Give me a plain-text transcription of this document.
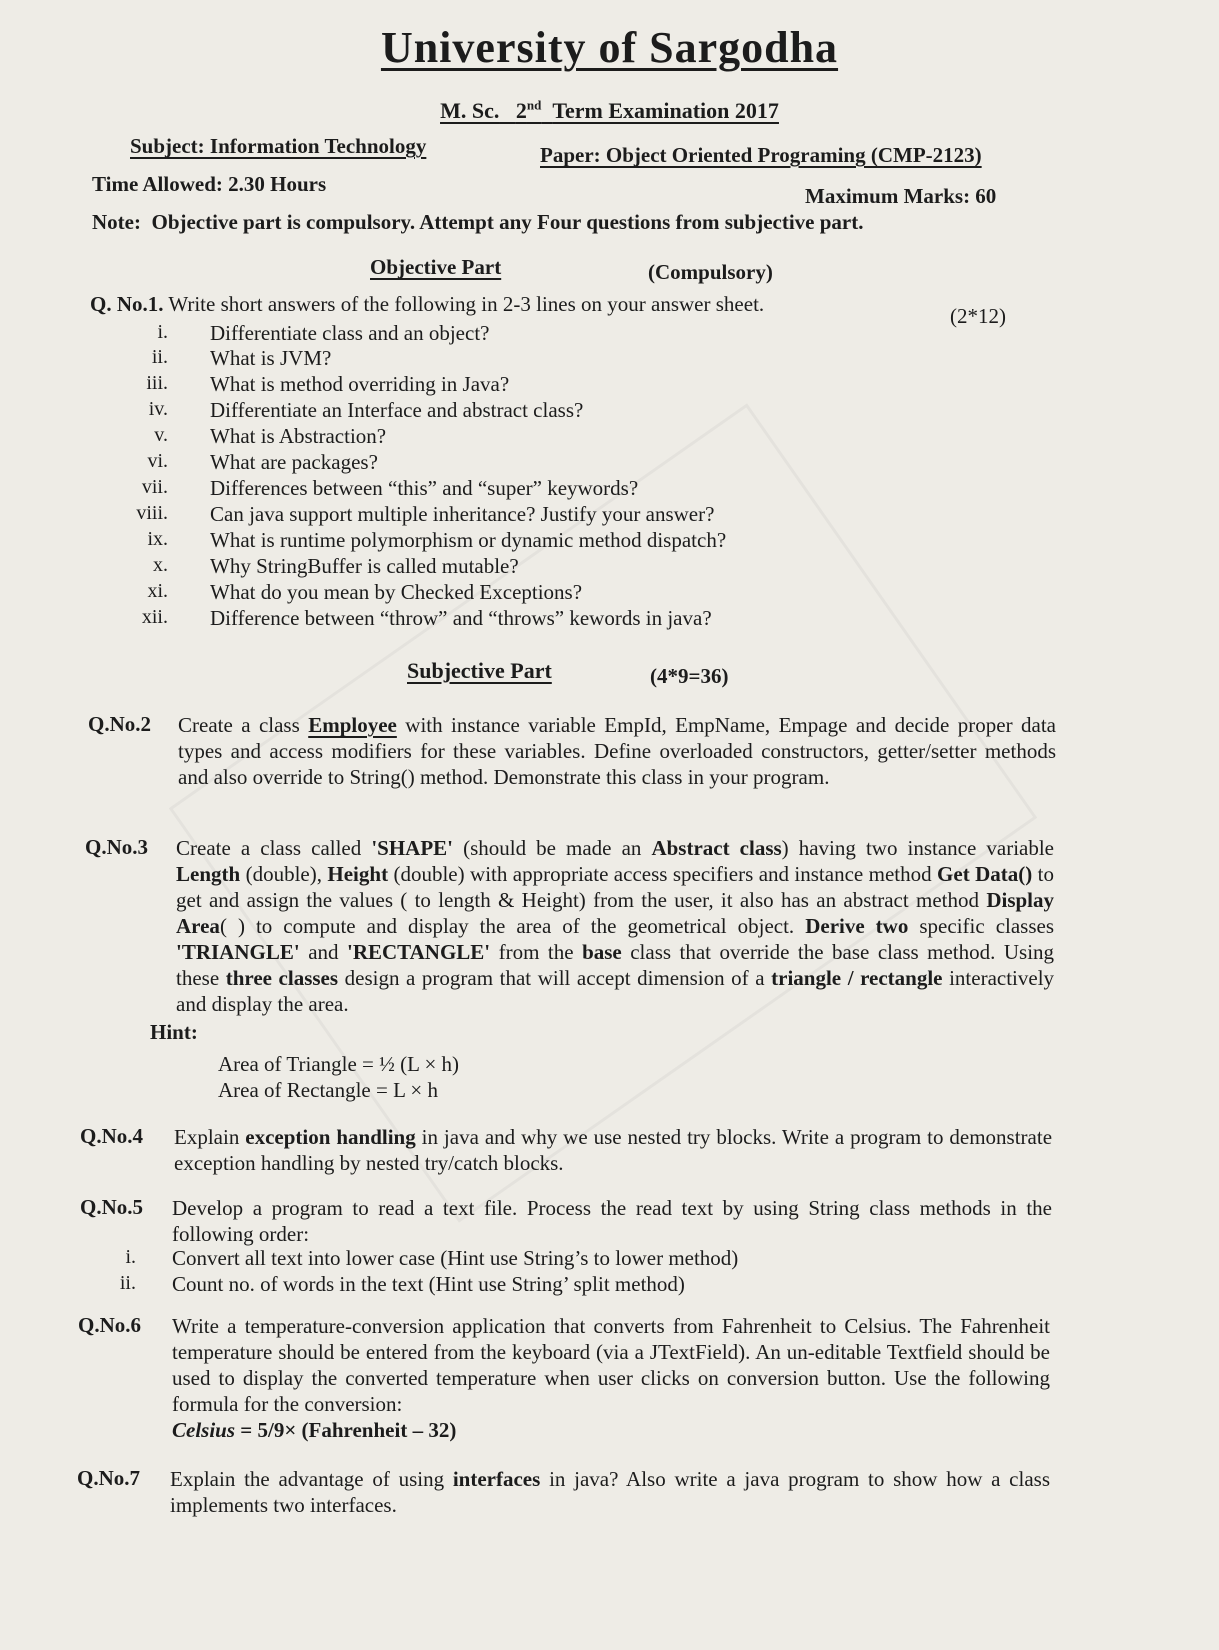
University of Sargodha
M. Sc. 2nd Term Examination 2017
Subject: Information Technology	Paper: Object Oriented Programing (CMP-2123)
Time Allowed: 2.30 Hours	Maximum Marks: 60
Note: Objective part is compulsory. Attempt any Four questions from subjective part.
Objective Part	(Compulsory)
Q. No.1. Write short answers of the following in 2-3 lines on your answer sheet.	(2*12)
i. Differentiate class and an object?
ii. What is JVM?
iii. What is method overriding in Java?
iv. Differentiate an Interface and abstract class?
v. What is Abstraction?
vi. What are packages?
vii. Differences between “this” and “super” keywords?
viii. Can java support multiple inheritance? Justify your answer?
ix. What is runtime polymorphism or dynamic method dispatch?
x. Why StringBuffer is called mutable?
xi. What do you mean by Checked Exceptions?
xii. Difference between “throw” and “throws” kewords in java?
Subjective Part	(4*9=36)
Q.No.2 Create a class Employee with instance variable EmpId, EmpName, Empage and decide proper data types and access modifiers for these variables. Define overloaded constructors, getter/setter methods and also override to String() method. Demonstrate this class in your program.
Q.No.3 Create a class called 'SHAPE' (should be made an Abstract class) having two instance variable Length (double), Height (double) with appropriate access specifiers and instance method Get Data() to get and assign the values ( to length & Height) from the user, it also has an abstract method Display Area( ) to compute and display the area of the geometrical object. Derive two specific classes 'TRIANGLE' and 'RECTANGLE' from the base class that override the base class method. Using these three classes design a program that will accept dimension of a triangle / rectangle interactively and display the area.
Hint:
Area of Triangle = ½ (L × h)
Area of Rectangle = L × h
Q.No.4 Explain exception handling in java and why we use nested try blocks. Write a program to demonstrate exception handling by nested try/catch blocks.
Q.No.5 Develop a program to read a text file. Process the read text by using String class methods in the following order:
i. Convert all text into lower case (Hint use String’s to lower method)
ii. Count no. of words in the text (Hint use String’ split method)
Q.No.6 Write a temperature-conversion application that converts from Fahrenheit to Celsius. The Fahrenheit temperature should be entered from the keyboard (via a JTextField). An un-editable Textfield should be used to display the converted temperature when user clicks on conversion button. Use the following formula for the conversion:
Celsius = 5/9× (Fahrenheit – 32)
Q.No.7 Explain the advantage of using interfaces in java? Also write a java program to show how a class implements two interfaces.
